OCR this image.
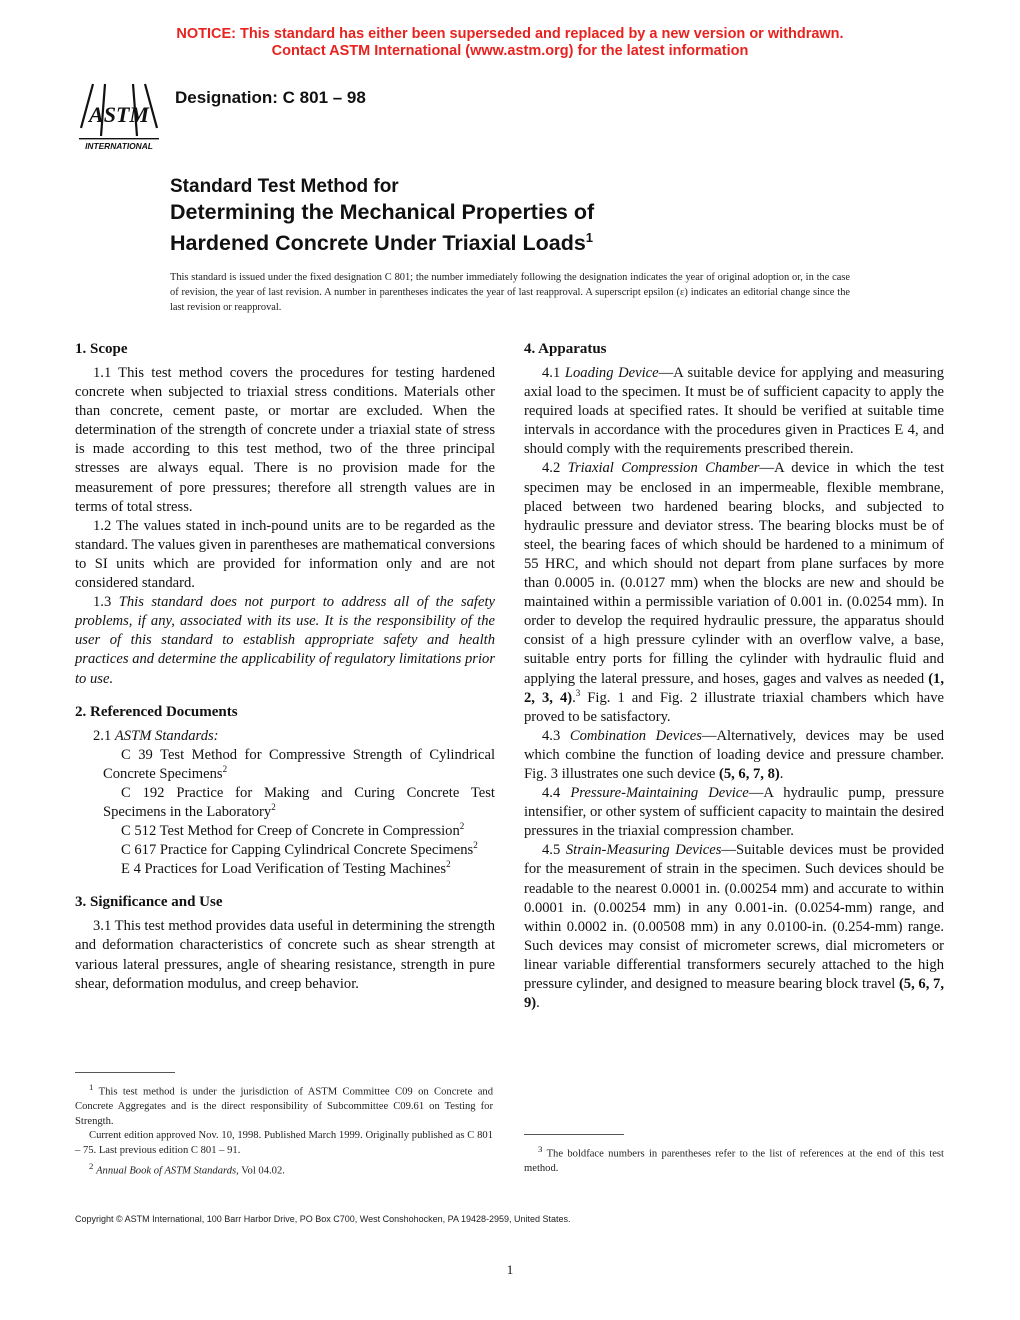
NOTICE: This standard has either been superseded and replaced by a new version or withdrawn.
Contact ASTM International (www.astm.org) for the latest information
ASTM
INTERNATIONAL
Designation: C 801 – 98
Standard Test Method for
Determining the Mechanical Properties of
Hardened Concrete Under Triaxial Loads$^1$
This standard is issued under the fixed designation C 801; the number immediately following the designation indicates the year of original adoption or, in the case of revision, the year of last revision. A number in parentheses indicates the year of last reapproval. A superscript epsilon (ε) indicates an editorial change since the last revision or reapproval.
1. Scope

1.1 This test method covers the procedures for testing hardened concrete when subjected to triaxial stress conditions. Materials other than concrete, cement paste, or mortar are excluded. When the determination of the strength of concrete under a triaxial state of stress is made according to this test method, two of the three principal stresses are always equal. There is no provision made for the measurement of pore pressures; therefore all strength values are in terms of total stress.

1.2 The values stated in inch-pound units are to be regarded as the standard. The values given in parentheses are mathematical conversions to SI units which are provided for information only and are not considered standard.

1.3 This standard does not purport to address all of the safety problems, if any, associated with its use. It is the responsibility of the user of this standard to establish appropriate safety and health practices and determine the applicability of regulatory limitations prior to use.

2. Referenced Documents

2.1 ASTM Standards:

C 39 Test Method for Compressive Strength of Cylindrical Concrete Specimens$^2$

C 192 Practice for Making and Curing Concrete Test Specimens in the Laboratory$^2$

C 512 Test Method for Creep of Concrete in Compression$^2$

C 617 Practice for Capping Cylindrical Concrete Specimens$^2$

E 4 Practices for Load Verification of Testing Machines$^2$

3. Significance and Use

3.1 This test method provides data useful in determining the strength and deformation characteristics of concrete such as shear strength at various lateral pressures, angle of shearing resistance, strength in pure shear, deformation modulus, and creep behavior.

4. Apparatus

4.1 Loading Device—A suitable device for applying and measuring axial load to the specimen. It must be of sufficient capacity to apply the required loads at specified rates. It should be verified at suitable time intervals in accordance with the procedures given in Practices E 4, and should comply with the requirements prescribed therein.

4.2 Triaxial Compression Chamber—A device in which the test specimen may be enclosed in an impermeable, flexible membrane, placed between two hardened bearing blocks, and subjected to hydraulic pressure and deviator stress. The bearing blocks must be of steel, the bearing faces of which should be hardened to a minimum of 55 HRC, and which should not depart from plane surfaces by more than 0.0005 in. (0.0127 mm) when the blocks are new and should be maintained within a permissible variation of 0.001 in. (0.0254 mm). In order to develop the required hydraulic pressure, the apparatus should consist of a high pressure cylinder with an overflow valve, a base, suitable entry ports for filling the cylinder with hydraulic fluid and applying the lateral pressure, and hoses, gages and valves as needed (1, 2, 3, 4).$^3$ Fig. 1 and Fig. 2 illustrate triaxial chambers which have proved to be satisfactory.

4.3 Combination Devices—Alternatively, devices may be used which combine the function of loading device and pressure chamber. Fig. 3 illustrates one such device (5, 6, 7, 8).

4.4 Pressure-Maintaining Device—A hydraulic pump, pressure intensifier, or other system of sufficient capacity to maintain the desired pressures in the triaxial compression chamber.

4.5 Strain-Measuring Devices—Suitable devices must be provided for the measurement of strain in the specimen. Such devices should be readable to the nearest 0.0001 in. (0.00254 mm) and accurate to within 0.0001 in. (0.00254 mm) in any 0.001-in. (0.0254-mm) range, and within 0.0002 in. (0.00508 mm) in any 0.0100-in. (0.254-mm) range. Such devices may consist of micrometer screws, dial micrometers or linear variable differential transformers securely attached to the high pressure cylinder, and designed to measure bearing block travel (5, 6, 7, 9).

$^1$ This test method is under the jurisdiction of ASTM Committee C09 on Concrete and Concrete Aggregates and is the direct responsibility of Subcommittee C09.61 on Testing for Strength.

Current edition approved Nov. 10, 1998. Published March 1999. Originally published as C 801 – 75. Last previous edition C 801 – 91.

$^2$ Annual Book of ASTM Standards, Vol 04.02.

$^3$ The boldface numbers in parentheses refer to the list of references at the end of this test method.

Copyright © ASTM International, 100 Barr Harbor Drive, PO Box C700, West Conshohocken, PA 19428-2959, United States.
1
